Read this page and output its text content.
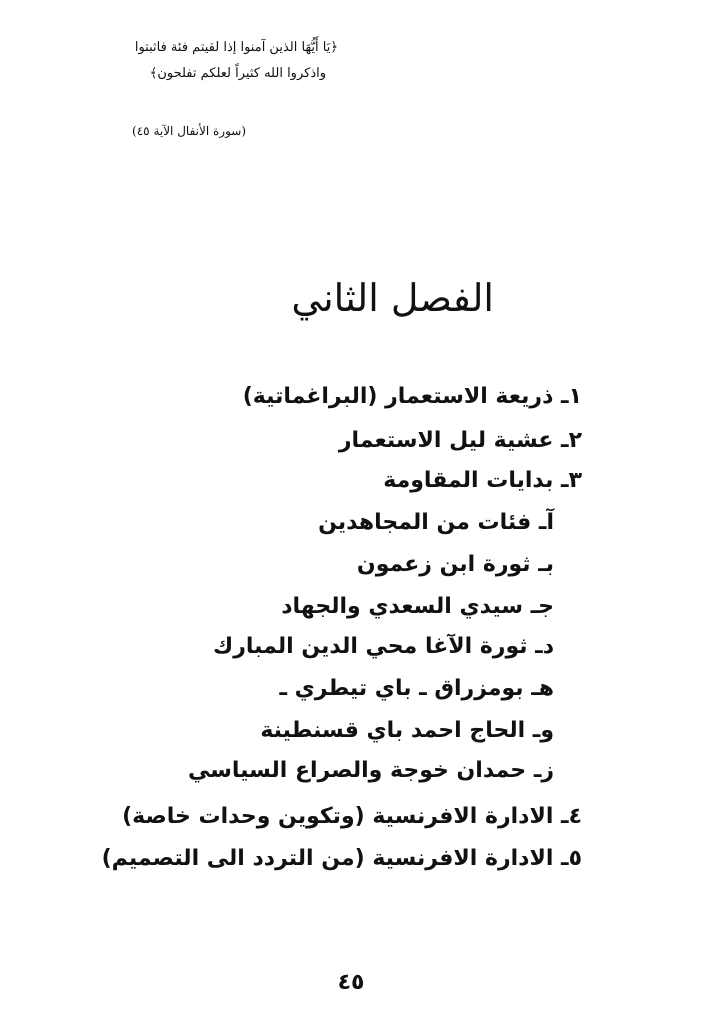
﴿يَا أَيُّهَا الذين آمنوا إذا لقيتم فئة فاثبتوا

واذكروا الله كثيراً لعلكم تفلحون﴾

(سورة الأنفال الآية ٤٥)

الفصل الثاني
١ـ ذريعة الاستعمار (البراغماتية)
٢ـ عشية ليل الاستعمار
٣ـ بدايات المقاومة
آـ فئات من المجاهدين
بـ ثورة ابن زعمون
جـ سيدي السعدي والجهاد
دـ ثورة الآغا محي الدين المبارك
هـ بومزراق ـ باي تيطري ـ
وـ الحاج احمد باي قسنطينة
زـ حمدان خوجة والصراع السياسي
٤ـ الادارة الافرنسية (وتكوين وحدات خاصة)
٥ـ الادارة الافرنسية (من التردد الى التصميم)
٤٥
